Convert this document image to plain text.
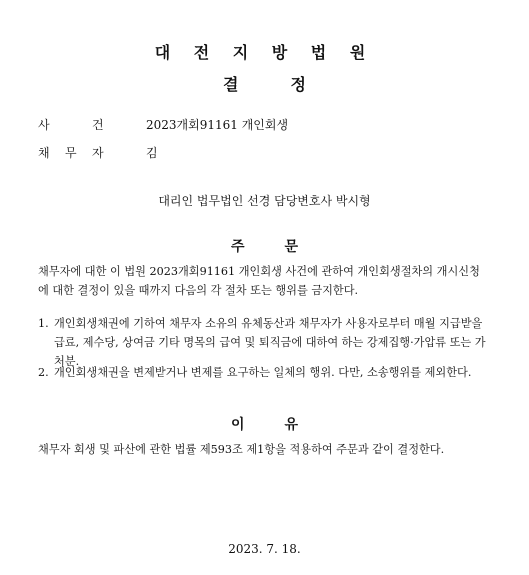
대 전 지 방 법 원
결	정
사	건	2023개회91161 개인회생
채 무 자	김
대리인 법무법인 선경 담당변호사 박시형
주	문
채무자에 대한 이 법원 2023개회91161 개인회생 사건에 관하여 개인회생절차의 개시신청에 대한 결정이 있을 때까지 다음의 각 절차 또는 행위를 금지한다.
1. 개인회생채권에 기하여 채무자 소유의 유체동산과 채무자가 사용자로부터 매월 지급받을 급료, 제수당, 상여금 기타 명목의 급여 및 퇴직금에 대하여 하는 강제집행·가압류 또는 가처분.
2. 개인회생채권을 변제받거나 변제를 요구하는 일체의 행위. 다만, 소송행위를 제외한다.
이	유
채무자 회생 및 파산에 관한 법률 제593조 제1항을 적용하여 주문과 같이 결정한다.
2023. 7. 18.
